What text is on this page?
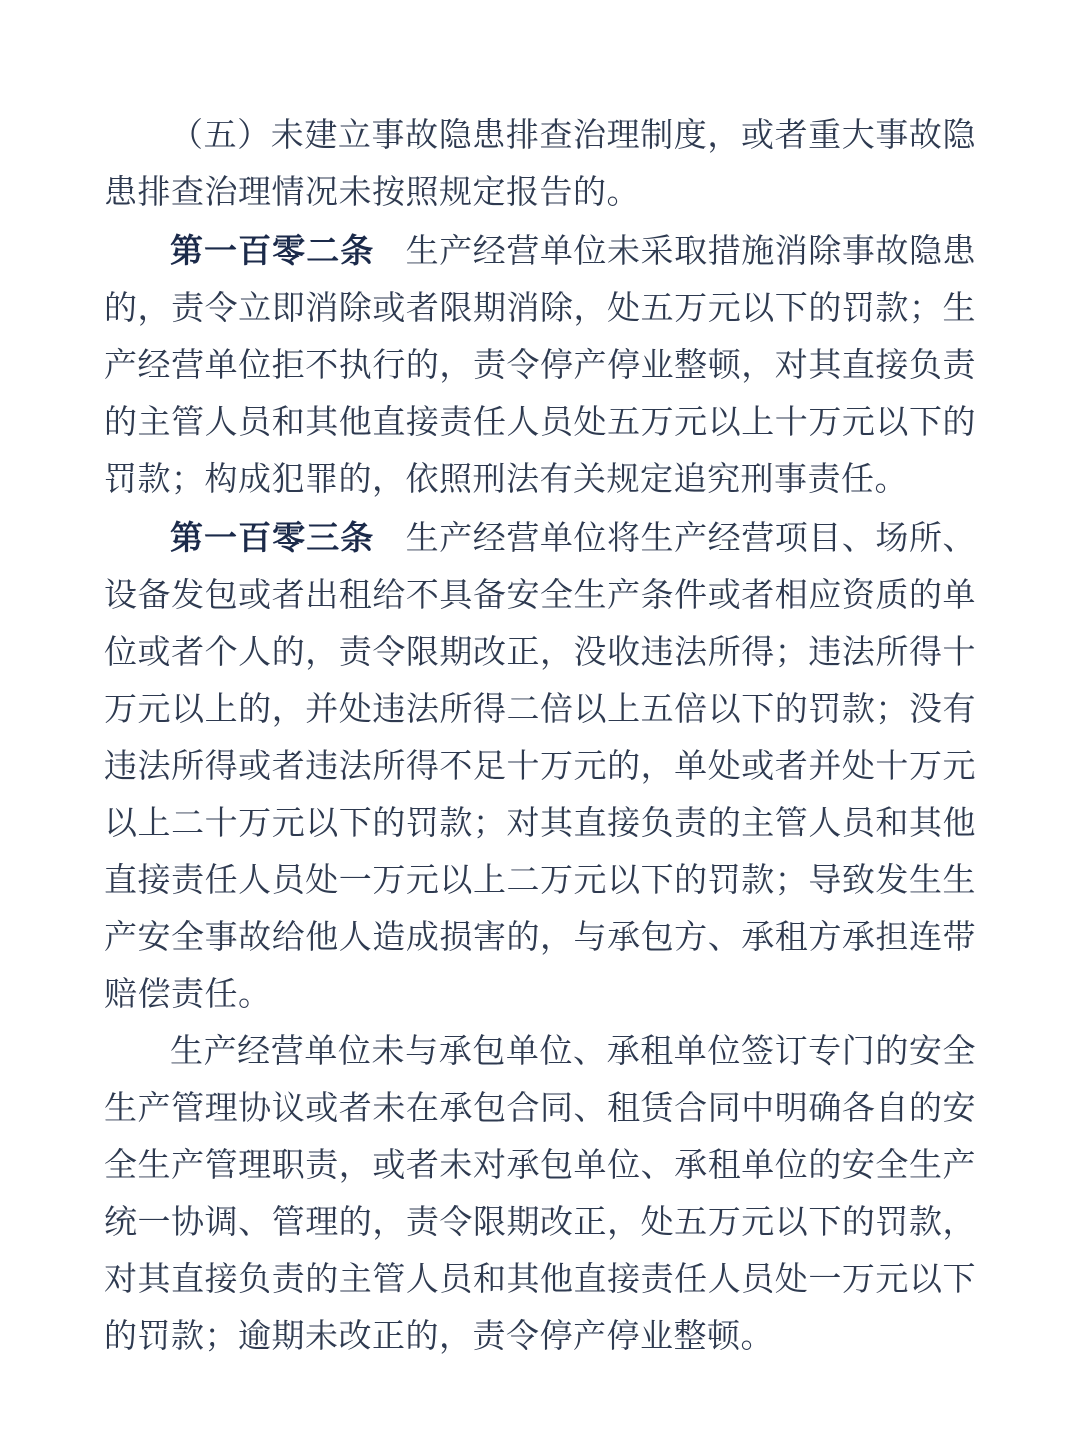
（五）未建立事故隐患排查治理制度，或者重大事故隐患排查治理情况未按照规定报告的。

第一百零二条 生产经营单位未采取措施消除事故隐患的，责令立即消除或者限期消除，处五万元以下的罚款；生产经营单位拒不执行的，责令停产停业整顿，对其直接负责的主管人员和其他直接责任人员处五万元以上十万元以下的罚款；构成犯罪的，依照刑法有关规定追究刑事责任。

第一百零三条 生产经营单位将生产经营项目、场所、设备发包或者出租给不具备安全生产条件或者相应资质的单位或者个人的，责令限期改正，没收违法所得；违法所得十万元以上的，并处违法所得二倍以上五倍以下的罚款；没有违法所得或者违法所得不足十万元的，单处或者并处十万元以上二十万元以下的罚款；对其直接负责的主管人员和其他直接责任人员处一万元以上二万元以下的罚款；导致发生生产安全事故给他人造成损害的，与承包方、承租方承担连带赔偿责任。

生产经营单位未与承包单位、承租单位签订专门的安全生产管理协议或者未在承包合同、租赁合同中明确各自的安全生产管理职责，或者未对承包单位、承租单位的安全生产统一协调、管理的，责令限期改正，处五万元以下的罚款，对其直接负责的主管人员和其他直接责任人员处一万元以下的罚款；逾期未改正的，责令停产停业整顿。
